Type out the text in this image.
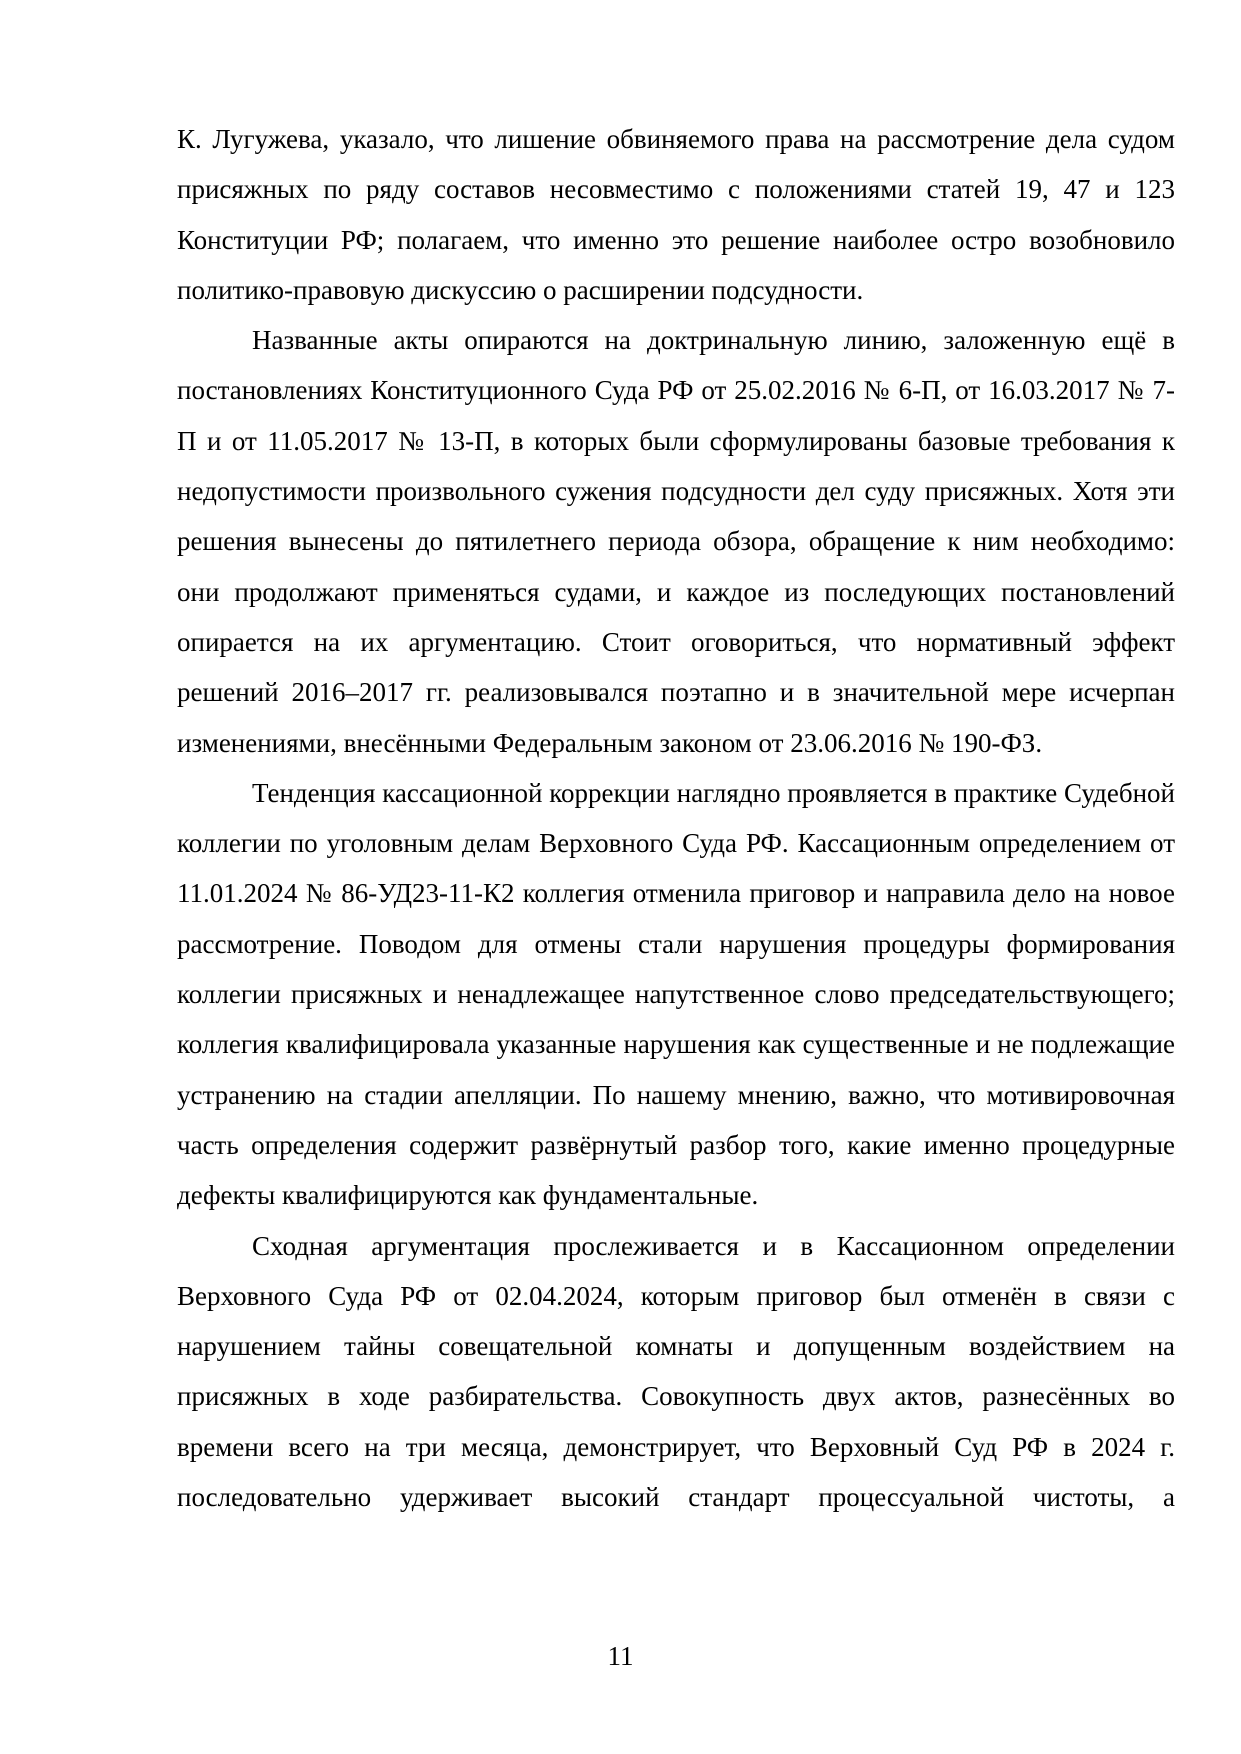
К. Лугужева, указало, что лишение обвиняемого права на рассмотрение дела судом присяжных по ряду составов несовместимо с положениями статей 19, 47 и 123 Конституции РФ; полагаем, что именно это решение наиболее остро возобновило политико-правовую дискуссию о расширении подсудности.

Названные акты опираются на доктринальную линию, заложенную ещё в постановлениях Конституционного Суда РФ от 25.02.2016 № 6-П, от 16.03.2017 № 7-П и от 11.05.2017 № 13-П, в которых были сформулированы базовые требования к недопустимости произвольного сужения подсудности дел суду присяжных. Хотя эти решения вынесены до пятилетнего периода обзора, обращение к ним необходимо: они продолжают применяться судами, и каждое из последующих постановлений опирается на их аргументацию. Стоит оговориться, что нормативный эффект решений 2016–2017 гг. реализовывался поэтапно и в значительной мере исчерпан изменениями, внесёнными Федеральным законом от 23.06.2016 № 190-ФЗ.

Тенденция кассационной коррекции наглядно проявляется в практике Судебной коллегии по уголовным делам Верховного Суда РФ. Кассационным определением от 11.01.2024 № 86-УД23-11-К2 коллегия отменила приговор и направила дело на новое рассмотрение. Поводом для отмены стали нарушения процедуры формирования коллегии присяжных и ненадлежащее напутственное слово председательствующего; коллегия квалифицировала указанные нарушения как существенные и не подлежащие устранению на стадии апелляции. По нашему мнению, важно, что мотивировочная часть определения содержит развёрнутый разбор того, какие именно процедурные дефекты квалифицируются как фундаментальные.

Сходная аргументация прослеживается и в Кассационном определении Верховного Суда РФ от 02.04.2024, которым приговор был отменён в связи с нарушением тайны совещательной комнаты и допущенным воздействием на присяжных в ходе разбирательства. Совокупность двух актов, разнесённых во времени всего на три месяца, демонстрирует, что Верховный Суд РФ в 2024 г. последовательно удерживает высокий стандарт процессуальной чистоты, а

11
